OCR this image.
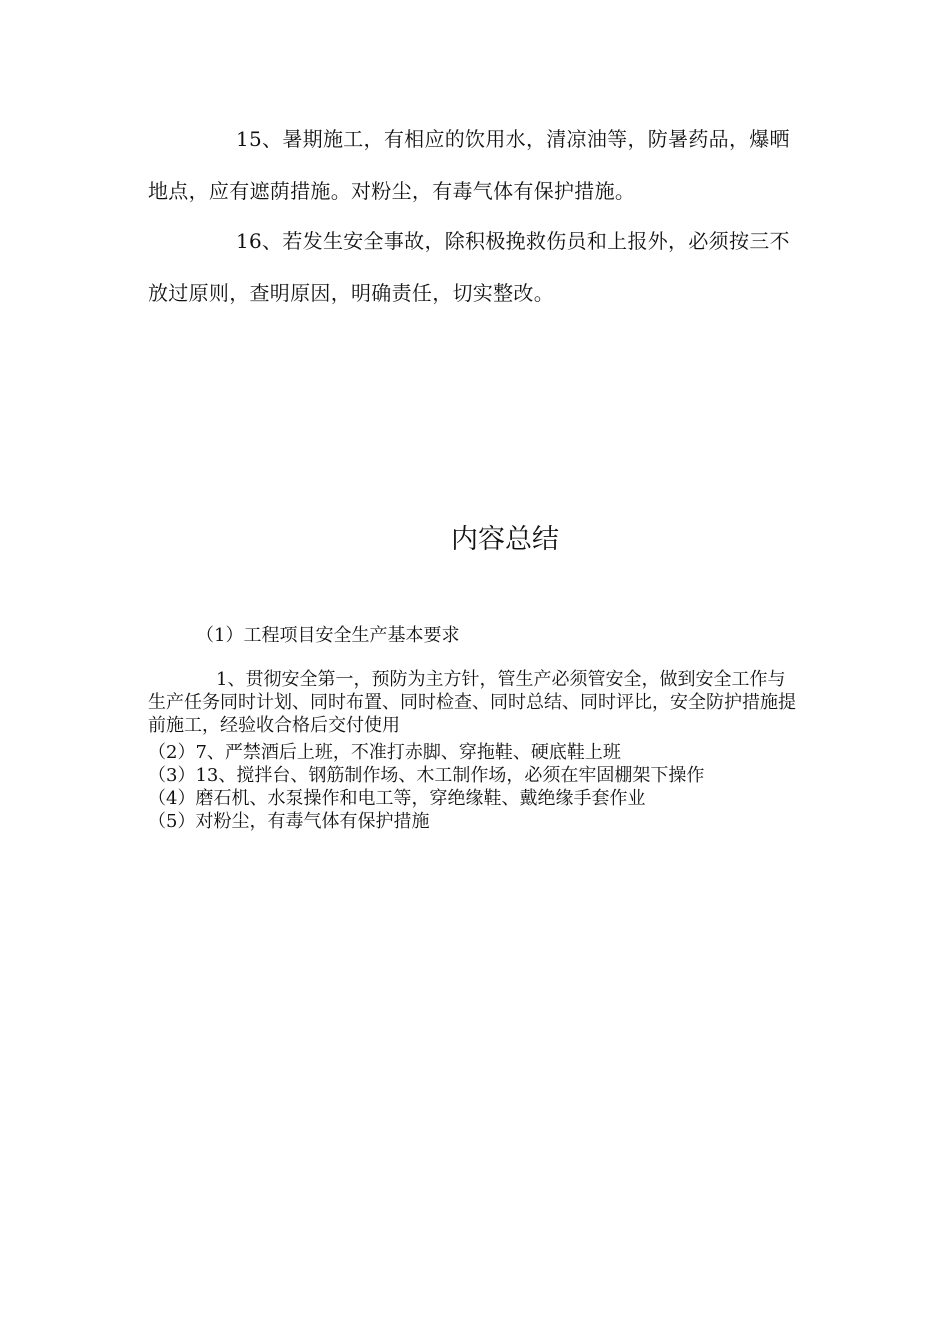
15、暑期施工，有相应的饮用水，清凉油等，防暑药品，爆晒地点，应有遮荫措施。对粉尘，有毒气体有保护措施。

16、若发生安全事故，除积极挽救伤员和上报外，必须按三不放过原则，查明原因，明确责任，切实整改。

内容总结

（1）工程项目安全生产基本要求

1、贯彻安全第一，预防为主方针，管生产必须管安全，做到安全工作与生产任务同时计划、同时布置、同时检查、同时总结、同时评比，安全防护措施提前施工，经验收合格后交付使用

（2）7、严禁酒后上班，不准打赤脚、穿拖鞋、硬底鞋上班
（3）13、搅拌台、钢筋制作场、木工制作场，必须在牢固棚架下操作
（4）磨石机、水泵操作和电工等，穿绝缘鞋、戴绝缘手套作业
（5）对粉尘，有毒气体有保护措施
